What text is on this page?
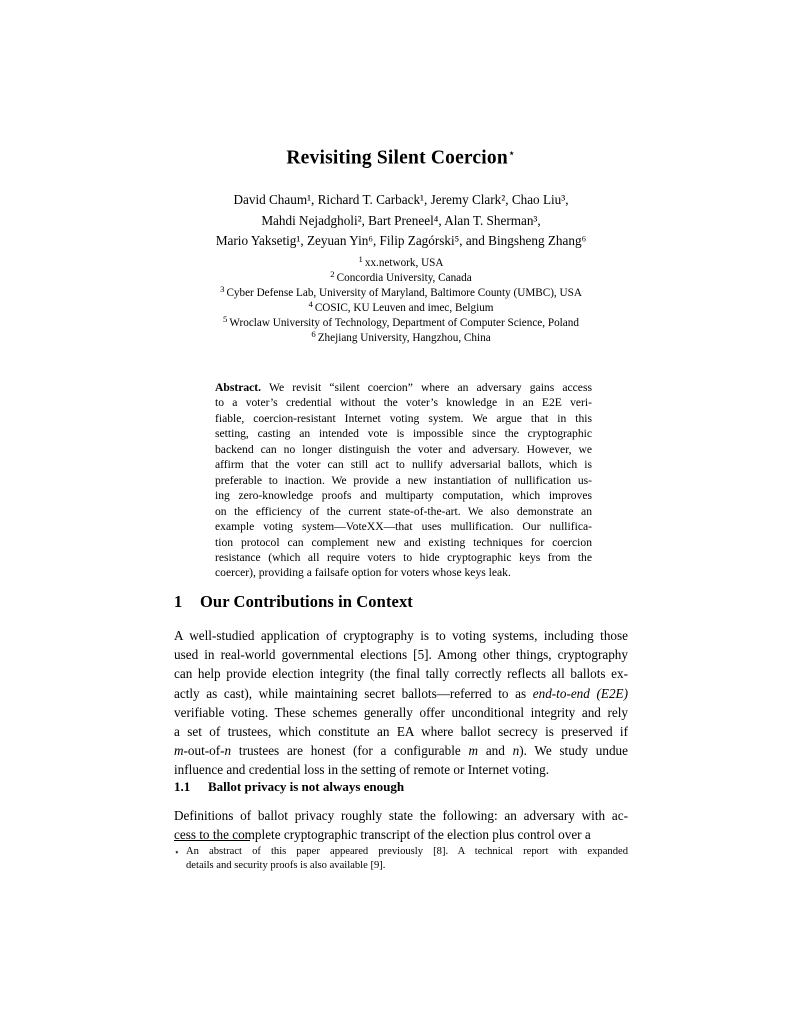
Revisiting Silent Coercion⋆
David Chaum¹, Richard T. Carback¹, Jeremy Clark², Chao Liu³,
Mahdi Nejadgholi², Bart Preneel⁴, Alan T. Sherman³,
Mario Yaksetig¹, Zeyuan Yin⁶, Filip Zagórski⁵, and Bingsheng Zhang⁶
$^1$ xx.network, USA
$^2$ Concordia University, Canada
$^3$ Cyber Defense Lab, University of Maryland, Baltimore County (UMBC), USA
$^4$ COSIC, KU Leuven and imec, Belgium
$^5$ Wroclaw University of Technology, Department of Computer Science, Poland
$^6$ Zhejiang University, Hangzhou, China
Abstract. We revisit “silent coercion” where an adversary gains access
to a voter’s credential without the voter’s knowledge in an E2E veri-
fiable, coercion-resistant Internet voting system. We argue that in this
setting, casting an intended vote is impossible since the cryptographic
backend can no longer distinguish the voter and adversary. However, we
affirm that the voter can still act to nullify adversarial ballots, which is
preferable to inaction. We provide a new instantiation of nullification us-
ing zero-knowledge proofs and multiparty computation, which improves
on the efficiency of the current state-of-the-art. We also demonstrate an
example voting system—VoteXX—that uses mullification. Our nullifica-
tion protocol can complement new and existing techniques for coercion
resistance (which all require voters to hide cryptographic keys from the
coercer), providing a failsafe option for voters whose keys leak.
1 Our Contributions in Context
A well-studied application of cryptography is to voting systems, including those
used in real-world governmental elections [5]. Among other things, cryptography
can help provide election integrity (the final tally correctly reflects all ballots ex-
actly as cast), while maintaining secret ballots—referred to as end-to-end (E2E)
verifiable voting. These schemes generally offer unconditional integrity and rely
a set of trustees, which constitute an EA where ballot secrecy is preserved if
m-out-of-n trustees are honest (for a configurable m and n). We study undue
influence and credential loss in the setting of remote or Internet voting.
1.1 Ballot privacy is not always enough
Definitions of ballot privacy roughly state the following: an adversary with ac-
cess to the complete cryptographic transcript of the election plus control over a
⋆ An abstract of this paper appeared previously [8]. A technical report with expanded
details and security proofs is also available [9].
